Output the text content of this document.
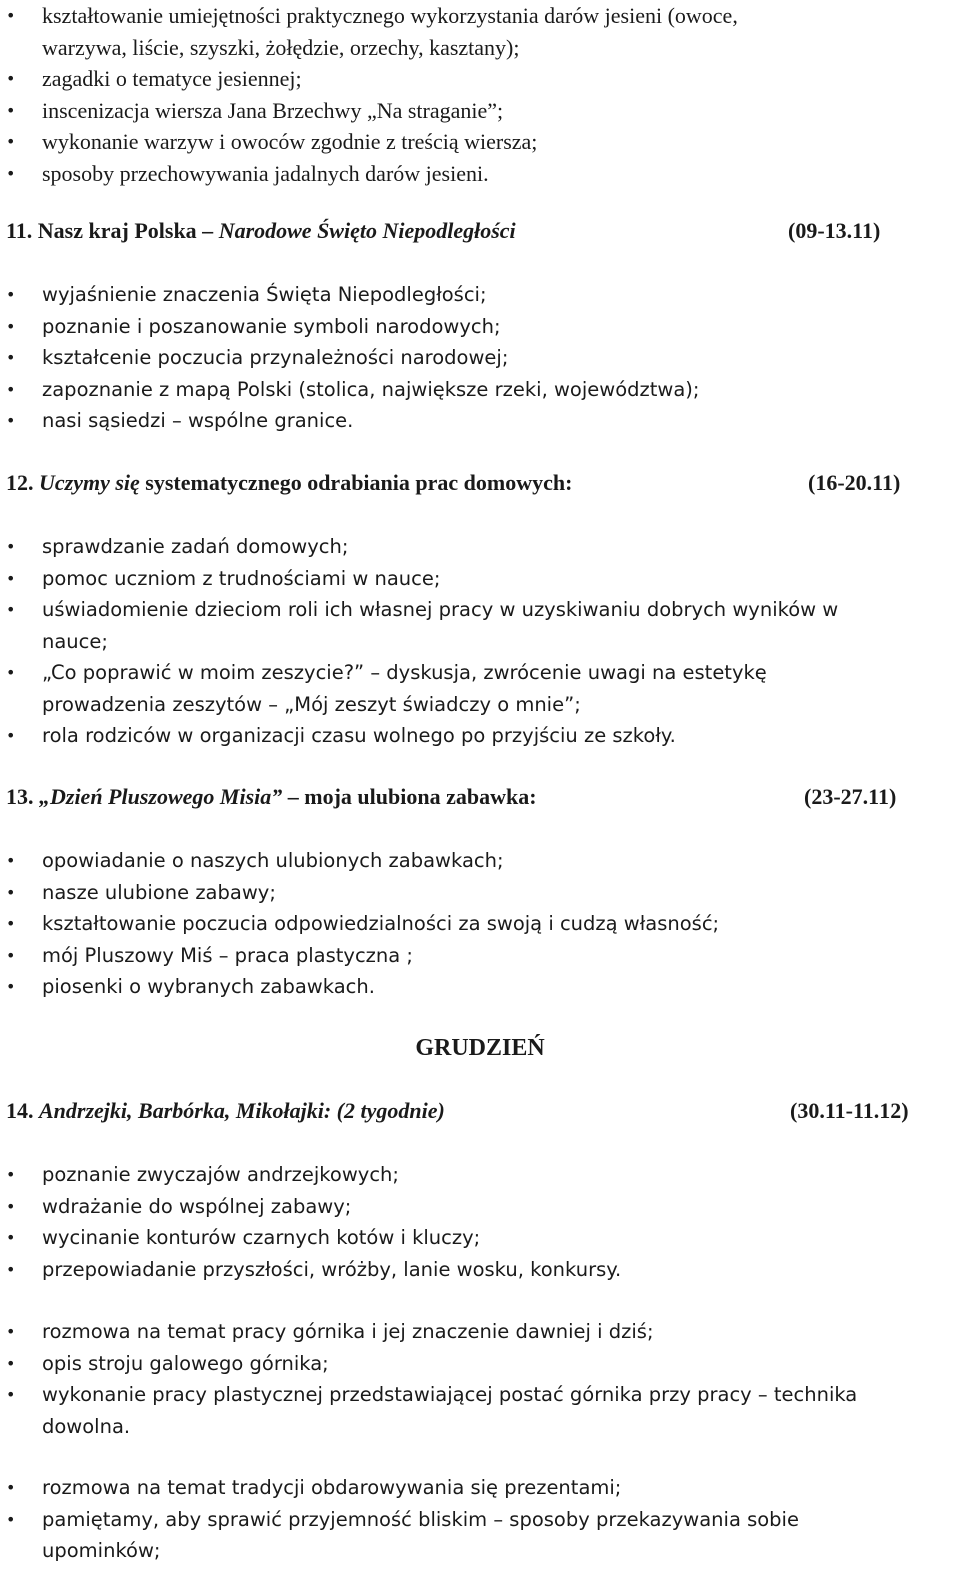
• kształtowanie umiejętności praktycznego wykorzystania darów jesieni (owoce,
warzywa, liście, szyszki, żołędzie, orzechy, kasztany);
• zagadki o tematyce jesiennej;
• inscenizacja wiersza Jana Brzechwy „Na straganie”;
• wykonanie warzyw i owoców zgodnie z treścią wiersza;
• sposoby przechowywania jadalnych darów jesieni.
11. Nasz kraj Polska – Narodowe Święto Niepodległości	(09-13.11)
• wyjaśnienie znaczenia Święta Niepodległości;
• poznanie i poszanowanie symboli narodowych;
• kształcenie poczucia przynależności narodowej;
• zapoznanie z mapą Polski (stolica, największe rzeki, województwa);
• nasi sąsiedzi – wspólne granice.
12. Uczymy się systematycznego odrabiania prac domowych:	(16-20.11)
• sprawdzanie zadań domowych;
• pomoc uczniom z trudnościami w nauce;
• uświadomienie dzieciom roli ich własnej pracy w uzyskiwaniu dobrych wyników w
nauce;
• „Co poprawić w moim zeszycie?” – dyskusja, zwrócenie uwagi na estetykę
prowadzenia zeszytów – „Mój zeszyt świadczy o mnie”;
• rola rodziców w organizacji czasu wolnego po przyjściu ze szkoły.
13. „Dzień Pluszowego Misia” – moja ulubiona zabawka:	(23-27.11)
• opowiadanie o naszych ulubionych zabawkach;
• nasze ulubione zabawy;
• kształtowanie poczucia odpowiedzialności za swoją i cudzą własność;
• mój Pluszowy Miś – praca plastyczna ;
• piosenki o wybranych zabawkach.
GRUDZIEŃ
14. Andrzejki, Barbórka, Mikołajki: (2 tygodnie)	(30.11-11.12)
• poznanie zwyczajów andrzejkowych;
• wdrażanie do wspólnej zabawy;
• wycinanie konturów czarnych kotów i kluczy;
• przepowiadanie przyszłości, wróżby, lanie wosku, konkursy.
• rozmowa na temat pracy górnika i jej znaczenie dawniej i dziś;
• opis stroju galowego górnika;
• wykonanie pracy plastycznej przedstawiającej postać górnika przy pracy – technika
dowolna.
• rozmowa na temat tradycji obdarowywania się prezentami;
• pamiętamy, aby sprawić przyjemność bliskim – sposoby przekazywania sobie
upominków;
